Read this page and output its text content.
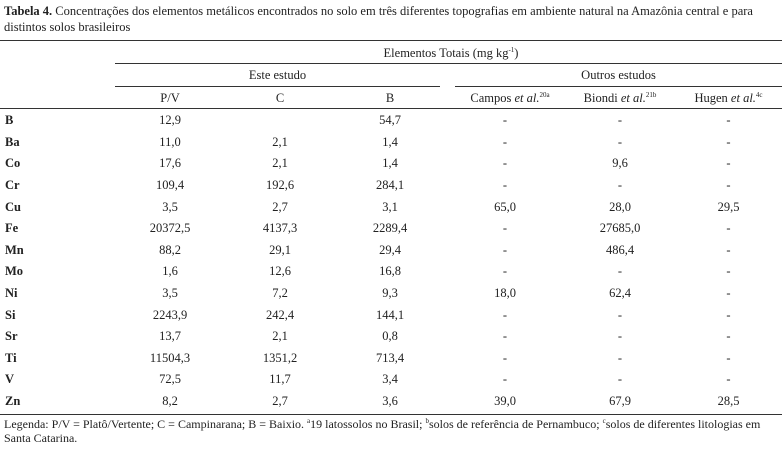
Tabela 4. Concentrações dos elementos metálicos encontrados no solo em três diferentes topografias em ambiente natural na Amazônia central e para distintos solos brasileiros
Elementos Totais (mg $kg^{-1}$)
Este estudo	Outros estudos
P/V	C	B	Campos et al.$^{20a}$	Biondi et al.$^{21b}$	Hugen et al.$^{4c}$
B	12,9		54,7	-	-	-
Ba	11,0	2,1	1,4	-	-	-
Co	17,6	2,1	1,4	-	9,6	-
Cr	109,4	192,6	284,1	-	-	-
Cu	3,5	2,7	3,1	65,0	28,0	29,5
Fe	20372,5	4137,3	2289,4	-	27685,0	-
Mn	88,2	29,1	29,4	-	486,4	-
Mo	1,6	12,6	16,8	-	-	-
Ni	3,5	7,2	9,3	18,0	62,4	-
Si	2243,9	242,4	144,1	-	-	-
Sr	13,7	2,1	0,8	-	-	-
Ti	11504,3	1351,2	713,4	-	-	-
V	72,5	11,7	3,4	-	-	-
Zn	8,2	2,7	3,6	39,0	67,9	28,5
Legenda: P/V = Platô/Vertente; C = Campinarana; B = Baixio. $^a$19 latossolos no Brasil; $^b$solos de referência de Pernambuco; $^c$solos de diferentes litologias em Santa Catarina.
